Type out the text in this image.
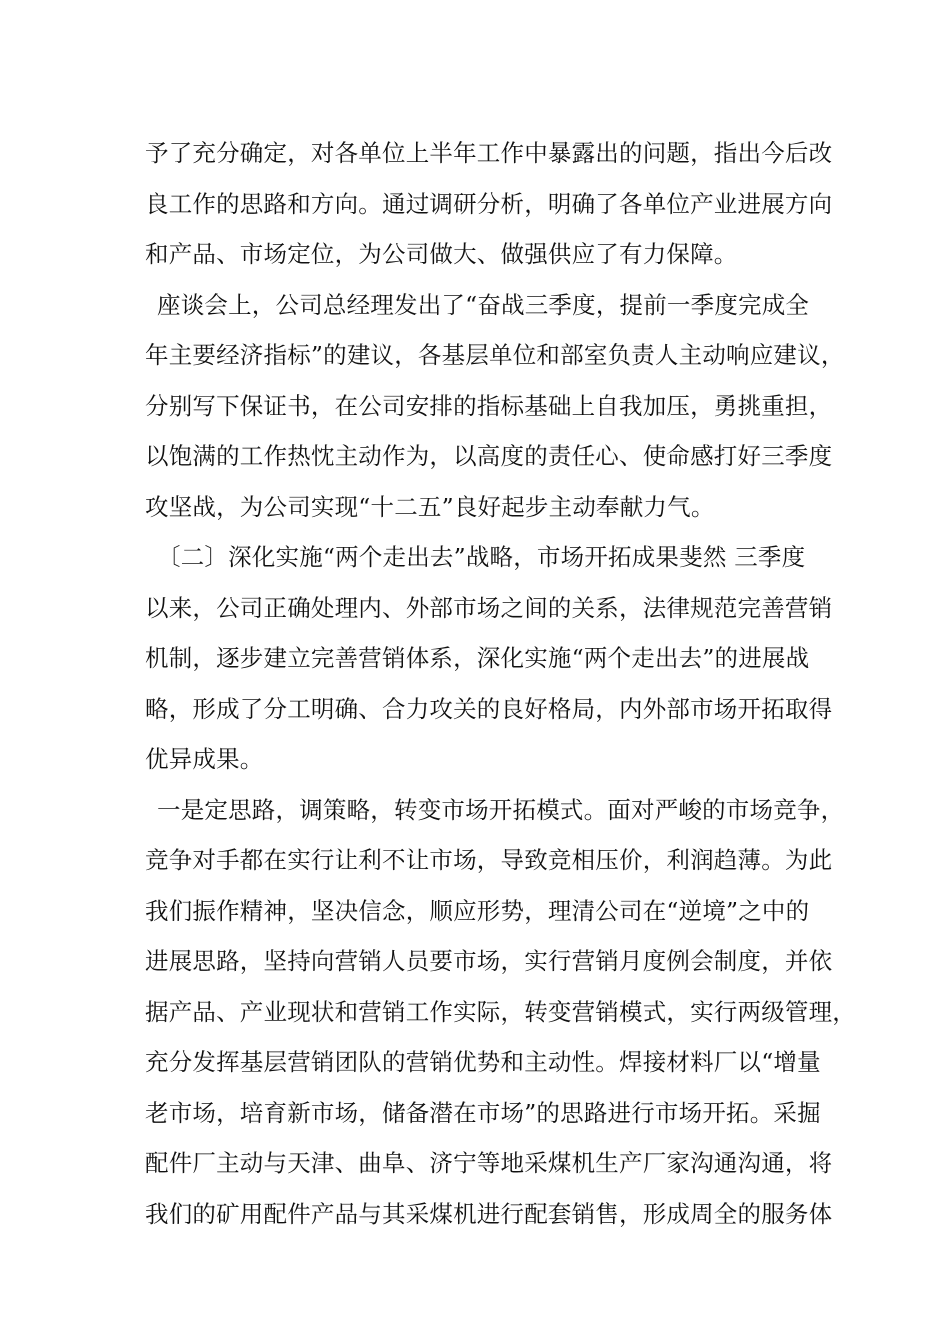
予了充分确定，对各单位上半年工作中暴露出的问题，指出今后改
良工作的思路和方向。通过调研分析，明确了各单位产业进展方向
和产品、市场定位，为公司做大、做强供应了有力保障。
座谈会上，公司总经理发出了“奋战三季度，提前一季度完成全
年主要经济指标”的建议，各基层单位和部室负责人主动响应建议，
分别写下保证书，在公司安排的指标基础上自我加压，勇挑重担，
以饱满的工作热忱主动作为，以高度的责任心、使命感打好三季度
攻坚战，为公司实现“十二五”良好起步主动奉献力气。
〔二〕深化实施“两个走出去”战略，市场开拓成果斐然 三季度
以来，公司正确处理内、外部市场之间的关系，法律规范完善营销
机制，逐步建立完善营销体系，深化实施“两个走出去”的进展战
略，形成了分工明确、合力攻关的良好格局，内外部市场开拓取得
优异成果。
一是定思路，调策略，转变市场开拓模式。面对严峻的市场竞争，
竞争对手都在实行让利不让市场，导致竞相压价，利润趋薄。为此
我们振作精神，坚决信念，顺应形势，理清公司在“逆境”之中的
进展思路，坚持向营销人员要市场，实行营销月度例会制度，并依
据产品、产业现状和营销工作实际，转变营销模式，实行两级管理，
充分发挥基层营销团队的营销优势和主动性。焊接材料厂以“增量
老市场，培育新市场，储备潜在市场”的思路进行市场开拓。采掘
配件厂主动与天津、曲阜、济宁等地采煤机生产厂家沟通沟通，将
我们的矿用配件产品与其采煤机进行配套销售，形成周全的服务体
